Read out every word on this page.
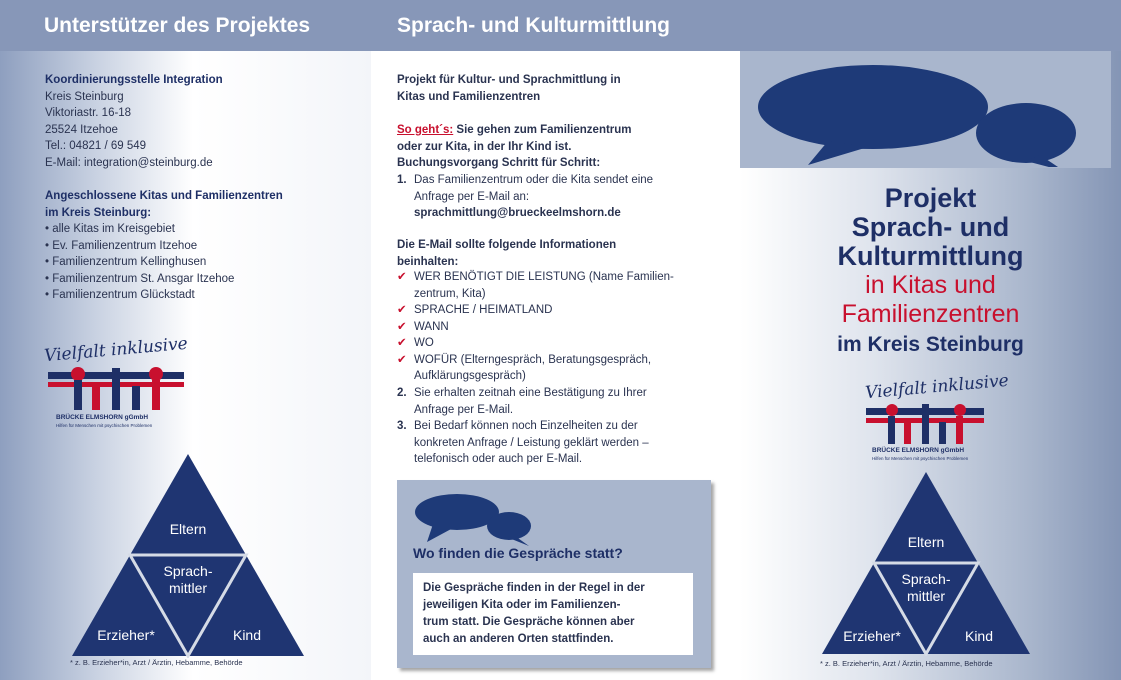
Unterstützer des Projektes
Koordinierungsstelle Integration
Kreis Steinburg
Viktoriastr. 16-18
25524 Itzehoe
Tel.: 04821 / 69 549
E-Mail: integration@steinburg.de
Angeschlossene Kitas und Familienzentren
im Kreis Steinburg:
• alle Kitas im Kreisgebiet
• Ev. Familienzentrum Itzehoe
• Familienzentrum Kellinghusen
• Familienzentrum St. Ansgar Itzehoe
• Familienzentrum Glückstadt
Vielfalt inklusive
BRÜCKE ELMSHORN gGmbH
Hilfen für Menschen mit psychischen Problemen
Eltern
Sprach-
mittler
Erzieher*	Kind
* z. B. Erzieher*in, Arzt / Ärztin, Hebamme, Behörde
Sprach- und Kulturmittlung
Projekt für Kultur- und Sprachmittlung in
Kitas und Familienzentren
So geht´s: Sie gehen zum Familienzentrum
oder zur Kita, in der Ihr Kind ist.
Buchungsvorgang Schritt für Schritt:
1. Das Familienzentrum oder die Kita sendet eine
Anfrage per E-Mail an:
sprachmittlung@brueckeelmshorn.de
Die E-Mail sollte folgende Informationen
beinhalten:
✔ WER BENÖTIGT DIE LEISTUNG (Name Familien-
zentrum, Kita)
✔ SPRACHE / HEIMATLAND
✔ WANN
✔ WO
✔ WOFÜR (Elterngespräch, Beratungsgespräch,
Aufklärungsgespräch)
2. Sie erhalten zeitnah eine Bestätigung zu Ihrer
Anfrage per E-Mail.
3. Bei Bedarf können noch Einzelheiten zu der
konkreten Anfrage / Leistung geklärt werden –
telefonisch oder auch per E-Mail.
Wo finden die Gespräche statt?
Die Gespräche finden in der Regel in der
jeweiligen Kita oder im Familienzen-
trum statt. Die Gespräche können aber
auch an anderen Orten stattfinden.
Projekt
Sprach- und
Kulturmittlung
in Kitas und
Familienzentren
im Kreis Steinburg
Vielfalt inklusive
BRÜCKE ELMSHORN gGmbH
Hilfen für Menschen mit psychischen Problemen
Eltern
Sprach-
mittler
Erzieher*	Kind
* z. B. Erzieher*in, Arzt / Ärztin, Hebamme, Behörde
